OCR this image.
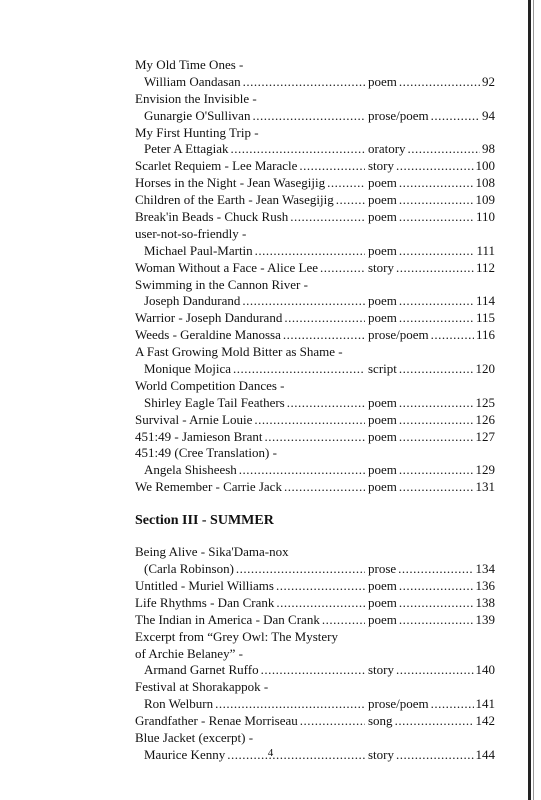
My Old Time Ones -
William Oandasan .....	poem .....	92
Envision the Invisible -
Gunargie O'Sullivan .....	prose/poem .....	94
My First Hunting Trip -
Peter A Ettagiak .....	oratory .....	98
Scarlet Requiem - Lee Maracle .....	story .....	100
Horses in the Night - Jean Wasegijig .....	poem .....	108
Children of the Earth - Jean Wasegijig .....	poem .....	109
Break'in Beads - Chuck Rush .....	poem .....	110
user-not-so-friendly -
Michael Paul-Martin .....	poem .....	111
Woman Without a Face - Alice Lee .....	story .....	112
Swimming in the Cannon River -
Joseph Dandurand .....	poem .....	114
Warrior - Joseph Dandurand .....	poem .....	115
Weeds - Geraldine Manossa .....	prose/poem .....	116
A Fast Growing Mold Bitter as Shame -
Monique Mojica .....	script .....	120
World Competition Dances -
Shirley Eagle Tail Feathers .....	poem .....	125
Survival - Arnie Louie .....	poem .....	126
451:49 - Jamieson Brant .....	poem .....	127
451:49 (Cree Translation) -
Angela Shisheesh .....	poem .....	129
We Remember - Carrie Jack .....	poem .....	131
Section III - SUMMER
Being Alive - Sika'Dama-nox
(Carla Robinson) .....	prose .....	134
Untitled - Muriel Williams .....	poem .....	136
Life Rhythms - Dan Crank .....	poem .....	138
The Indian in America - Dan Crank .....	poem .....	139
Excerpt from “Grey Owl: The Mystery
of Archie Belaney” -
Armand Garnet Ruffo .....	story .....	140
Festival at Shorakappok -
Ron Welburn .....	prose/poem .....	141
Grandfather - Renae Morriseau .....	song .....	142
Blue Jacket (excerpt) -
Maurice Kenny .....	story .....	144
4
